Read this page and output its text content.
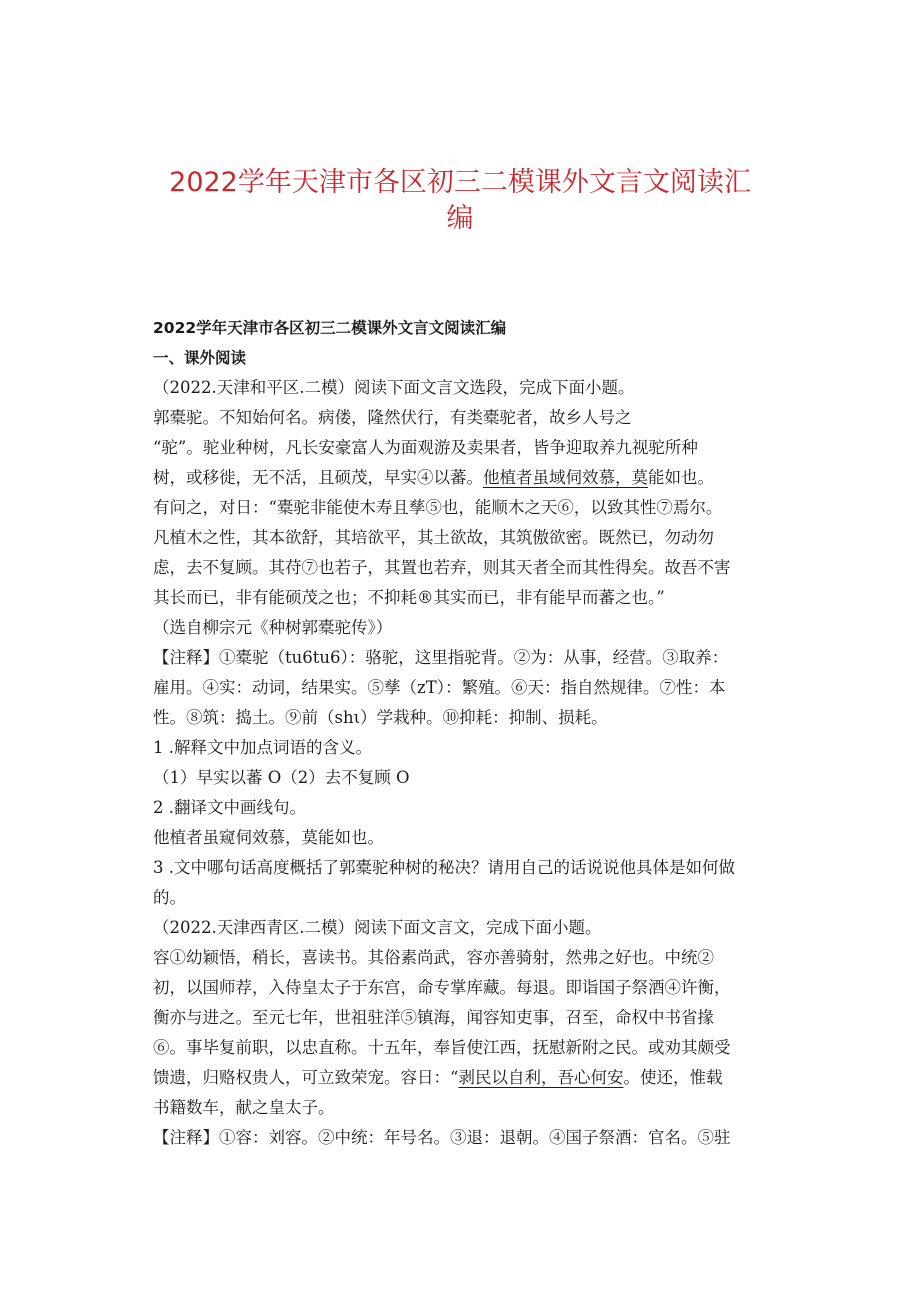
2022学年天津市各区初三二模课外文言文阅读汇
编
2022学年天津市各区初三二模课外文言文阅读汇编
一、课外阅读
（2022.天津和平区.二模）阅读下面文言文选段，完成下面小题。
郭橐驼。不知始何名。病偻，隆然伏行，有类橐驼者，故乡人号之
“驼”。驼业种树，凡长安豪富人为面观游及卖果者，皆争迎取养九视驼所种
树，或移徙，无不活，且硕茂，早实④以蕃。他植者虽域伺效慕，莫能如也。
有问之，对日：“橐驼非能使木寿且孳⑤也，能顺木之天⑥，以致其性⑦焉尔。
凡植木之性，其本欲舒，其培欲平，其土欲故，其筑傲欲密。既然已，勿动勿
虑，去不复顾。其苻⑦也若子，其置也若弃，则其天者全而其性得矣。故吾不害
其长而已，非有能硕茂之也；不抑耗®其实而已，非有能早而蕃之也。”
（选自柳宗元《种树郭橐驼传》）
【注释】①橐驼（tu6tu6）：骆驼，这里指驼背。②为：从事，经营。③取养：
雇用。④实：动词，结果实。⑤孳（zT）：繁殖。⑥天：指自然规律。⑦性：本
性。⑧筑：捣土。⑨前（shι）学栽种。⑩抑耗：抑制、损耗。
1 .解释文中加点词语的含义。
（1）早实以蕃 O（2）去不复顾 O
2 .翻译文中画线句。
他植者虽窥伺效慕，莫能如也。
3 .文中哪句话高度概括了郭橐驼种树的秘决？请用自己的话说说他具体是如何做
的。
（2022.天津西青区.二模）阅读下面文言文，完成下面小题。
容①幼颖悟，稍长，喜读书。其俗素尚武，容亦善骑射，然弗之好也。中统②
初，以国师荐，入侍皇太子于东宫，命专掌库藏。每退。即诣国子祭酒④许衡，
衡亦与进之。至元七年，世祖驻洋⑤镇海，闻容知吏事，召至，命权中书省掾
⑥。事毕复前职，以忠直称。十五年，奉旨使江西，抚慰新附之民。或劝其颇受
馈遗，归赂权贵人，可立致荣宠。容日：“剥民以自利，吾心何安。使还，惟载
书籍数车，献之皇太子。
【注释】①容：刘容。②中统：年号名。③退：退朝。④国子祭酒：官名。⑤驻
